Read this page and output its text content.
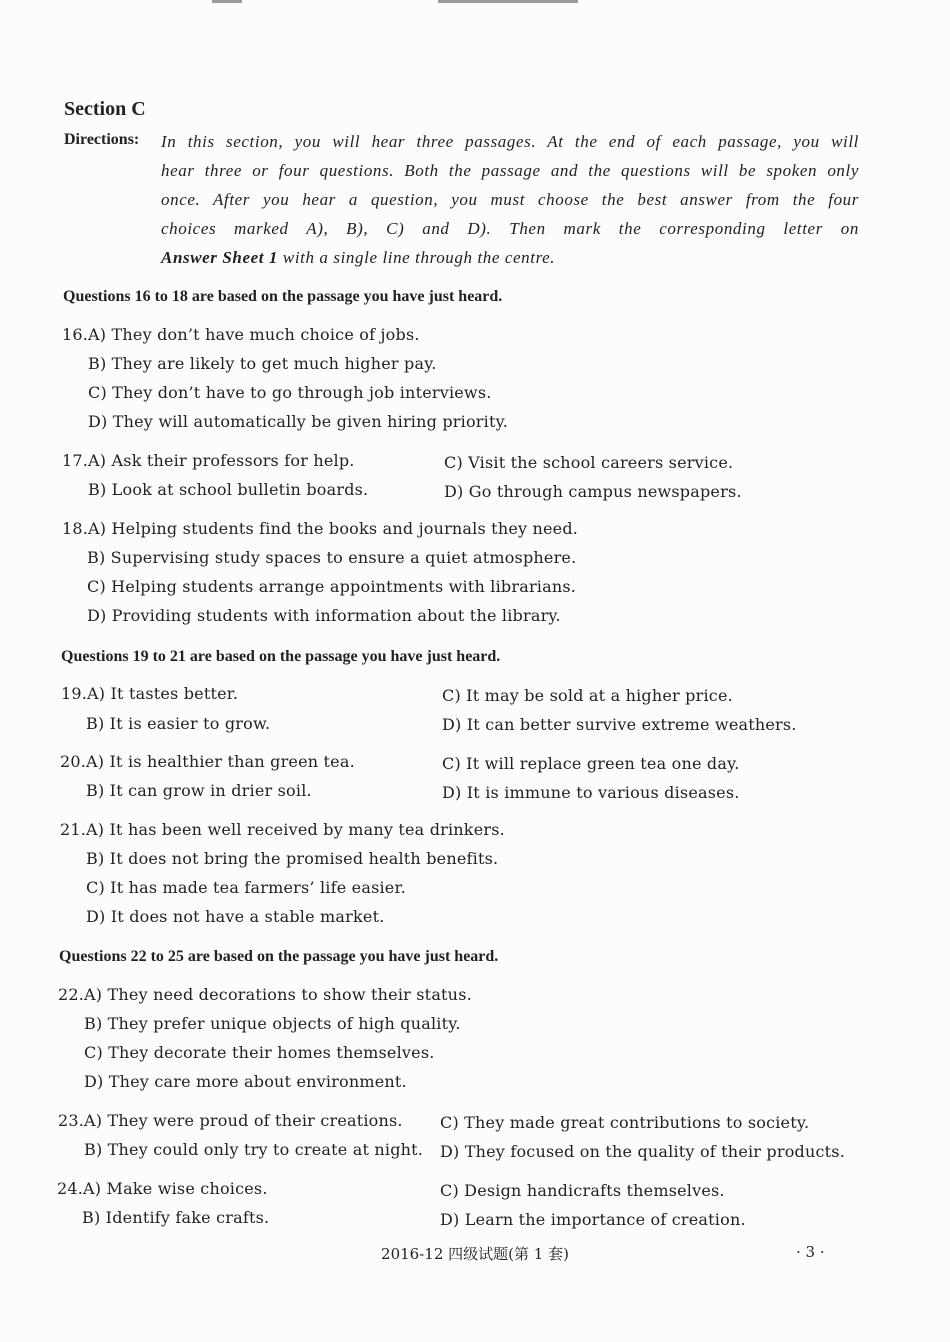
Section C
Directions: In this section, you will hear three passages. At the end of each passage, you will
hear three or four questions. Both the passage and the questions will be spoken only
once. After you hear a question, you must choose the best answer from the four
choices marked A), B), C) and D). Then mark the corresponding letter on
Answer Sheet 1 with a single line through the centre.
Questions 16 to 18 are based on the passage you have just heard.
16.A) They don’t have much choice of jobs.
B) They are likely to get much higher pay.
C) They don’t have to go through job interviews.
D) They will automatically be given hiring priority.
17.A) Ask their professors for help.	C) Visit the school careers service.
B) Look at school bulletin boards.	D) Go through campus newspapers.
18.A) Helping students find the books and journals they need.
B) Supervising study spaces to ensure a quiet atmosphere.
C) Helping students arrange appointments with librarians.
D) Providing students with information about the library.
Questions 19 to 21 are based on the passage you have just heard.
19.A) It tastes better.	C) It may be sold at a higher price.
B) It is easier to grow.	D) It can better survive extreme weathers.
20.A) It is healthier than green tea.	C) It will replace green tea one day.
B) It can grow in drier soil.	D) It is immune to various diseases.
21.A) It has been well received by many tea drinkers.
B) It does not bring the promised health benefits.
C) It has made tea farmers’ life easier.
D) It does not have a stable market.
Questions 22 to 25 are based on the passage you have just heard.
22.A) They need decorations to show their status.
B) They prefer unique objects of high quality.
C) They decorate their homes themselves.
D) They care more about environment.
23.A) They were proud of their creations. C) They made great contributions to society.
B) They could only try to create at night. D) They focused on the quality of their products.
24.A) Make wise choices.	C) Design handicrafts themselves.
B) Identify fake crafts.	D) Learn the importance of creation.
2016-12 四级试题(第 1 套)	· 3 ·
